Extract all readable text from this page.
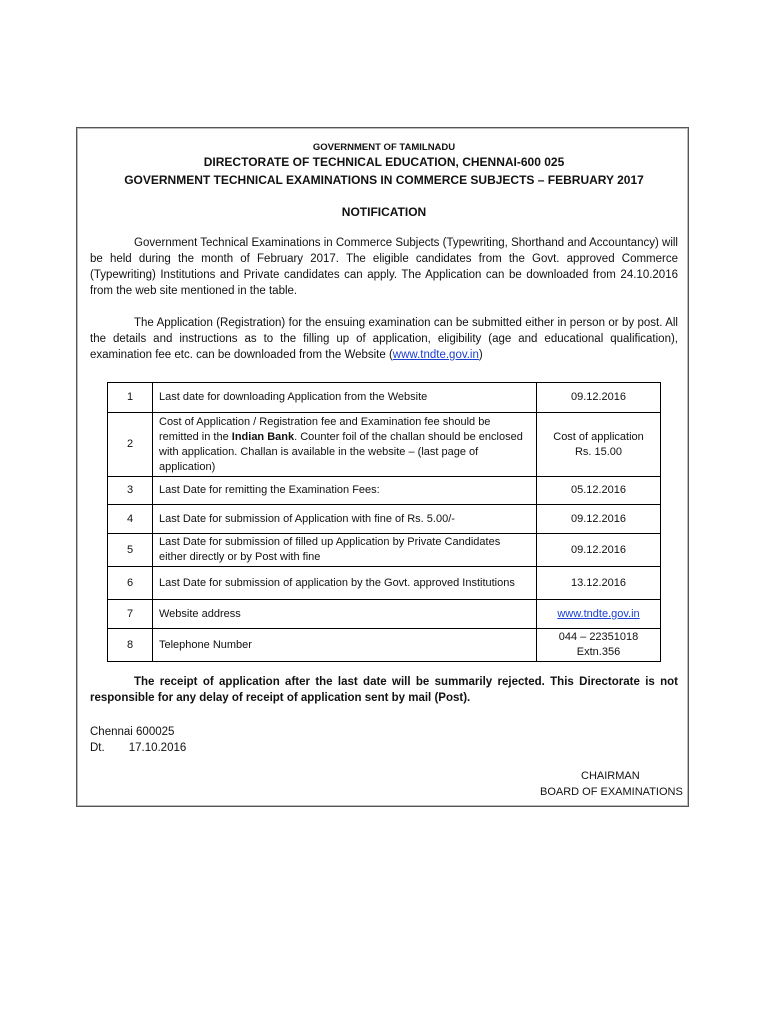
GOVERNMENT OF TAMILNADU
DIRECTORATE OF TECHNICAL EDUCATION, CHENNAI-600 025
GOVERNMENT TECHNICAL EXAMINATIONS IN COMMERCE SUBJECTS – FEBRUARY 2017
NOTIFICATION

Government Technical Examinations in Commerce Subjects (Typewriting, Shorthand and Accountancy) will be held during the month of February 2017. The eligible candidates from the Govt. approved Commerce (Typewriting) Institutions and Private candidates can apply. The Application can be downloaded from 24.10.2016 from the web site mentioned in the table.

The Application (Registration) for the ensuing examination can be submitted either in person or by post. All the details and instructions as to the filling up of application, eligibility (age and educational qualification), examination fee etc. can be downloaded from the Website (www.tndte.gov.in)

1	Last date for downloading Application from the Website	09.12.2016
2	Cost of Application / Registration fee and Examination fee should be remitted in the Indian Bank. Counter foil of the challan should be enclosed with application. Challan is available in the website – (last page of application)	Cost of application
Rs. 15.00

3	Last Date for remitting the Examination Fees:	05.12.2016
4	Last Date for submission of Application with fine of Rs. 5.00/-	09.12.2016
5	Last Date for submission of filled up Application by Private Candidates either directly or by Post with fine	09.12.2016
6	Last Date for submission of application by the Govt. approved Institutions	13.12.2016
7	Website address	www.tndte.gov.in
8	Telephone Number	044 – 22351018
Extn.356

The receipt of application after the last date will be summarily rejected. This Directorate is not responsible for any delay of receipt of application sent by mail (Post).

Chennai 600025
Dt. 17.10.2016
CHAIRMAN
BOARD OF EXAMINATIONS
